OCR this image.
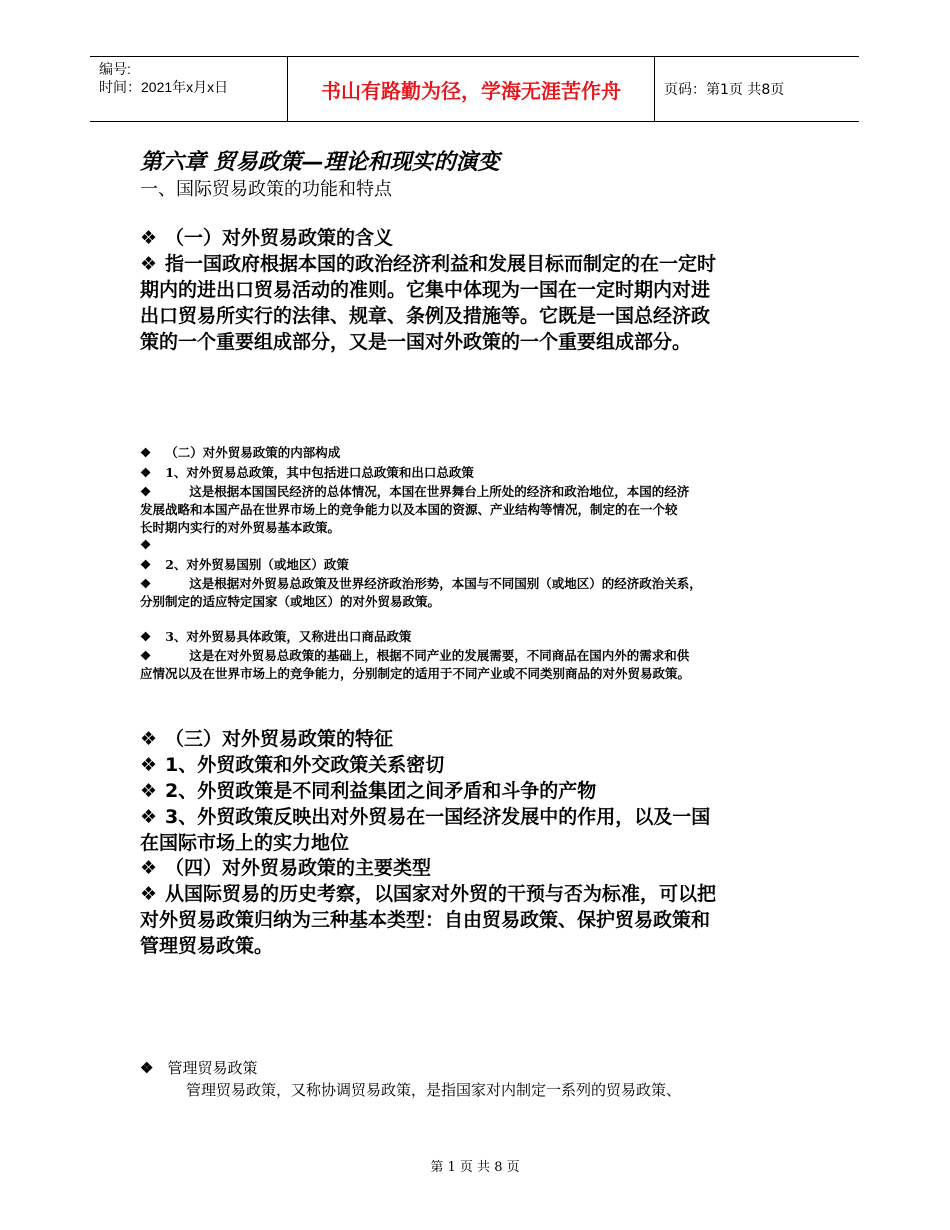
编号:
时间：2021年x月x日	书山有路勤为径，学海无涯苦作舟	页码：第1页 共8页
第六章 贸易政策—理论和现实的演变
一、国际贸易政策的功能和特点
❖ （一）对外贸易政策的含义
❖ 指一国政府根据本国的政治经济利益和发展目标而制定的在一定时
期内的进出口贸易活动的准则。它集中体现为一国在一定时期内对进
出口贸易所实行的法律、规章、条例及措施等。它既是一国总经济政
策的一个重要组成部分，又是一国对外政策的一个重要组成部分。
❖ （二）对外贸易政策的内部构成
❖ 1、对外贸易总政策，其中包括进口总政策和出口总政策
❖	这是根据本国国民经济的总体情况，本国在世界舞台上所处的经济和政治地位，本国的经济
发展战略和本国产品在世界市场上的竞争能力以及本国的资源、产业结构等情况，制定的在一个较
长时期内实行的对外贸易基本政策。
❖
❖ 2、对外贸易国别（或地区）政策
❖	这是根据对外贸易总政策及世界经济政治形势，本国与不同国别（或地区）的经济政治关系，
分别制定的适应特定国家（或地区）的对外贸易政策。
❖ 3、对外贸易具体政策，又称进出口商品政策
❖	这是在对外贸易总政策的基础上，根据不同产业的发展需要，不同商品在国内外的需求和供
应情况以及在世界市场上的竞争能力，分别制定的适用于不同产业或不同类别商品的对外贸易政策。
❖ （三）对外贸易政策的特征
❖ 1、外贸政策和外交政策关系密切
❖ 2、外贸政策是不同利益集团之间矛盾和斗争的产物
❖ 3、外贸政策反映出对外贸易在一国经济发展中的作用，以及一国
在国际市场上的实力地位
❖ （四）对外贸易政策的主要类型
❖ 从国际贸易的历史考察，以国家对外贸的干预与否为标准，可以把
对外贸易政策归纳为三种基本类型：自由贸易政策、保护贸易政策和
管理贸易政策。
❖ 管理贸易政策
管理贸易政策，又称协调贸易政策，是指国家对内制定一系列的贸易政策、
第 1 页 共 8 页
